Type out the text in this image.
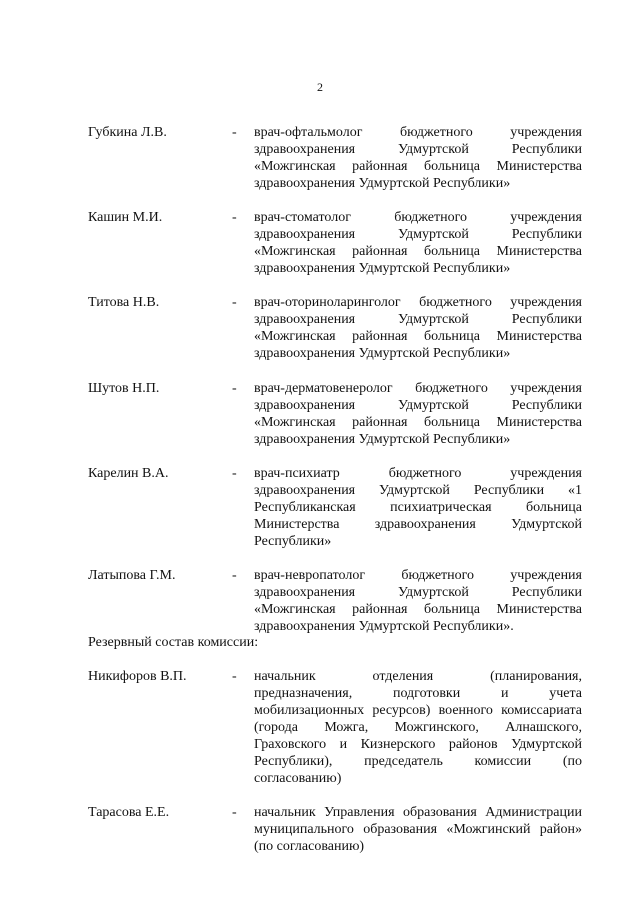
2
Губкина Л.В.	- врач-офтальмолог бюджетного учреждения
здравоохранения Удмуртской Республики
«Можгинская районная больница Министерства
здравоохранения Удмуртской Республики»
Кашин М.И.	- врач-стоматолог бюджетного учреждения
здравоохранения Удмуртской Республики
«Можгинская районная больница Министерства
здравоохранения Удмуртской Республики»
Титова Н.В.	- врач-оториноларинголог бюджетного учреждения
здравоохранения Удмуртской Республики
«Можгинская районная больница Министерства
здравоохранения Удмуртской Республики»
Шутов Н.П.	- врач-дерматовенеролог бюджетного учреждения
здравоохранения Удмуртской Республики
«Можгинская районная больница Министерства
здравоохранения Удмуртской Республики»
Карелин В.А.	- врач-психиатр бюджетного учреждения
здравоохранения Удмуртской Республики «1
Республиканская психиатрическая больница
Министерства здравоохранения Удмуртской
Республики»
Латыпова Г.М.	- врач-невропатолог бюджетного учреждения
здравоохранения Удмуртской Республики
«Можгинская районная больница Министерства
здравоохранения Удмуртской Республики».
Резервный состав комиссии:
Никифоров В.П.	- начальник отделения (планирования,
предназначения, подготовки и учета
мобилизационных ресурсов) военного комиссариата
(города Можга, Можгинского, Алнашского,
Граховского и Кизнерского районов Удмуртской
Республики), председатель комиссии (по
согласованию)
Тарасова Е.Е.	- начальник Управления образования Администрации
муниципального образования «Можгинский район»
(по согласованию)
